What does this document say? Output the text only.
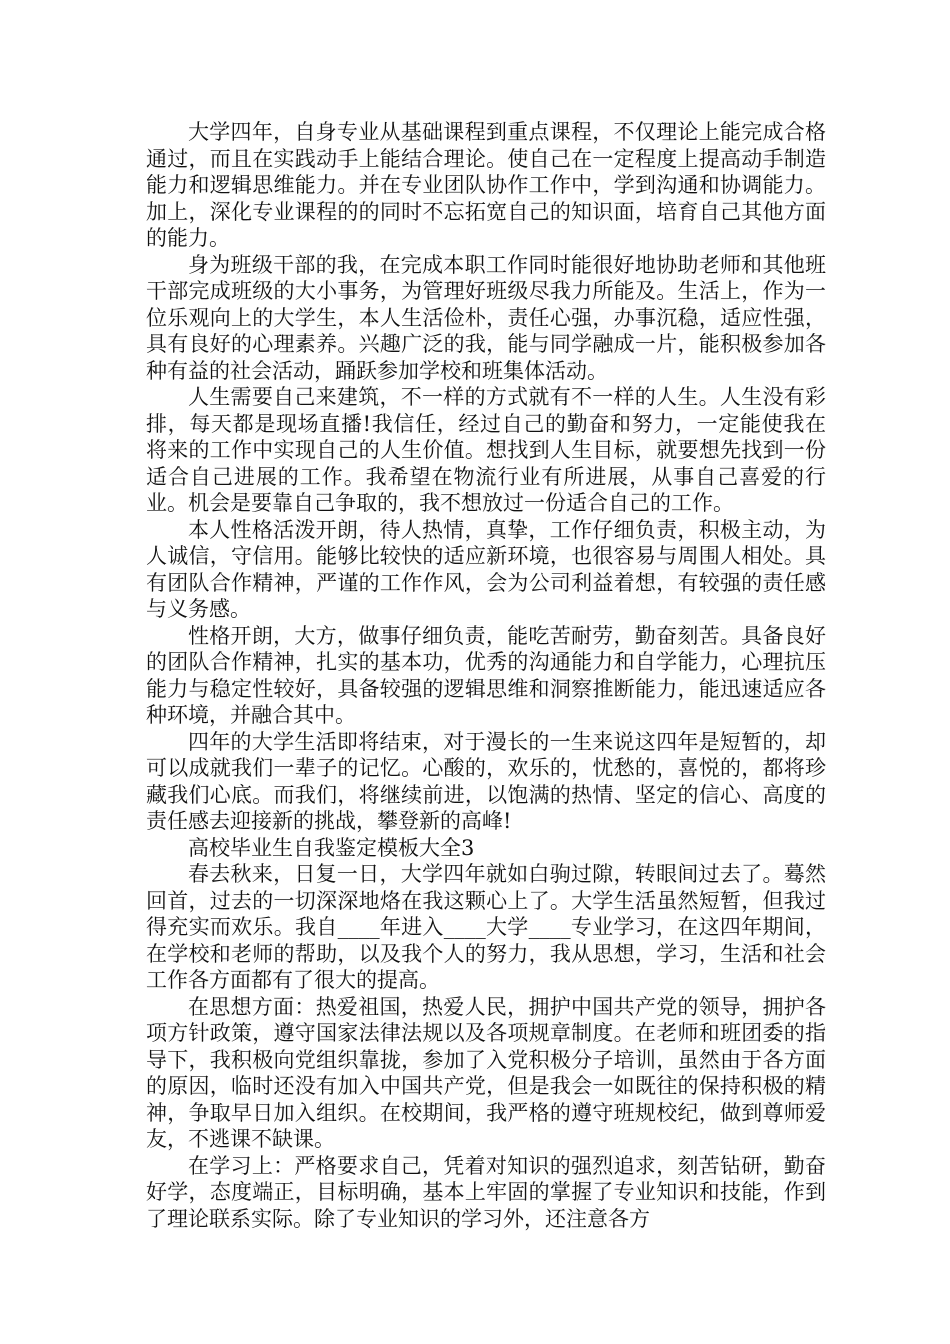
大学四年，自身专业从基础课程到重点课程，不仅理论上能完成合格通过，而且在实践动手上能结合理论。使自己在一定程度上提高动手制造能力和逻辑思维能力。并在专业团队协作工作中，学到沟通和协调能力。加上，深化专业课程的的同时不忘拓宽自己的知识面，培育自己其他方面的能力。

身为班级干部的我，在完成本职工作同时能很好地协助老师和其他班干部完成班级的大小事务，为管理好班级尽我力所能及。生活上，作为一位乐观向上的大学生，本人生活俭朴，责任心强，办事沉稳，适应性强，具有良好的心理素养。兴趣广泛的我，能与同学融成一片，能积极参加各种有益的社会活动，踊跃参加学校和班集体活动。

人生需要自己来建筑，不一样的方式就有不一样的人生。人生没有彩排，每天都是现场直播!我信任，经过自己的勤奋和努力，一定能使我在将来的工作中实现自己的人生价值。想找到人生目标，就要想先找到一份适合自己进展的工作。我希望在物流行业有所进展，从事自己喜爱的行业。机会是要靠自己争取的，我不想放过一份适合自己的工作。

本人性格活泼开朗，待人热情，真挚，工作仔细负责，积极主动，为人诚信，守信用。能够比较快的适应新环境，也很容易与周围人相处。具有团队合作精神，严谨的工作作风，会为公司利益着想，有较强的责任感与义务感。

性格开朗，大方，做事仔细负责，能吃苦耐劳，勤奋刻苦。具备良好的团队合作精神，扎实的基本功，优秀的沟通能力和自学能力，心理抗压能力与稳定性较好，具备较强的逻辑思维和洞察推断能力，能迅速适应各种环境，并融合其中。

四年的大学生活即将结束，对于漫长的一生来说这四年是短暂的，却可以成就我们一辈子的记忆。心酸的，欢乐的，忧愁的，喜悦的，都将珍藏我们心底。而我们，将继续前进，以饱满的热情、坚定的信心、高度的责任感去迎接新的挑战，攀登新的高峰!

高校毕业生自我鉴定模板大全3

春去秋来，日复一日，大学四年就如白驹过隙，转眼间过去了。蓦然回首，过去的一切深深地烙在我这颗心上了。大学生活虽然短暂，但我过得充实而欢乐。我自____年进入____大学____专业学习，在这四年期间，在学校和老师的帮助，以及我个人的努力，我从思想，学习，生活和社会工作各方面都有了很大的提高。

在思想方面：热爱祖国，热爱人民，拥护中国共产党的领导，拥护各项方针政策，遵守国家法律法规以及各项规章制度。在老师和班团委的指导下，我积极向党组织靠拢，参加了入党积极分子培训，虽然由于各方面的原因，临时还没有加入中国共产党，但是我会一如既往的保持积极的精神，争取早日加入组织。在校期间，我严格的遵守班规校纪，做到尊师爱友，不逃课不缺课。

在学习上：严格要求自己，凭着对知识的强烈追求，刻苦钻研，勤奋好学，态度端正，目标明确，基本上牢固的掌握了专业知识和技能，作到了理论联系实际。除了专业知识的学习外，还注意各方
